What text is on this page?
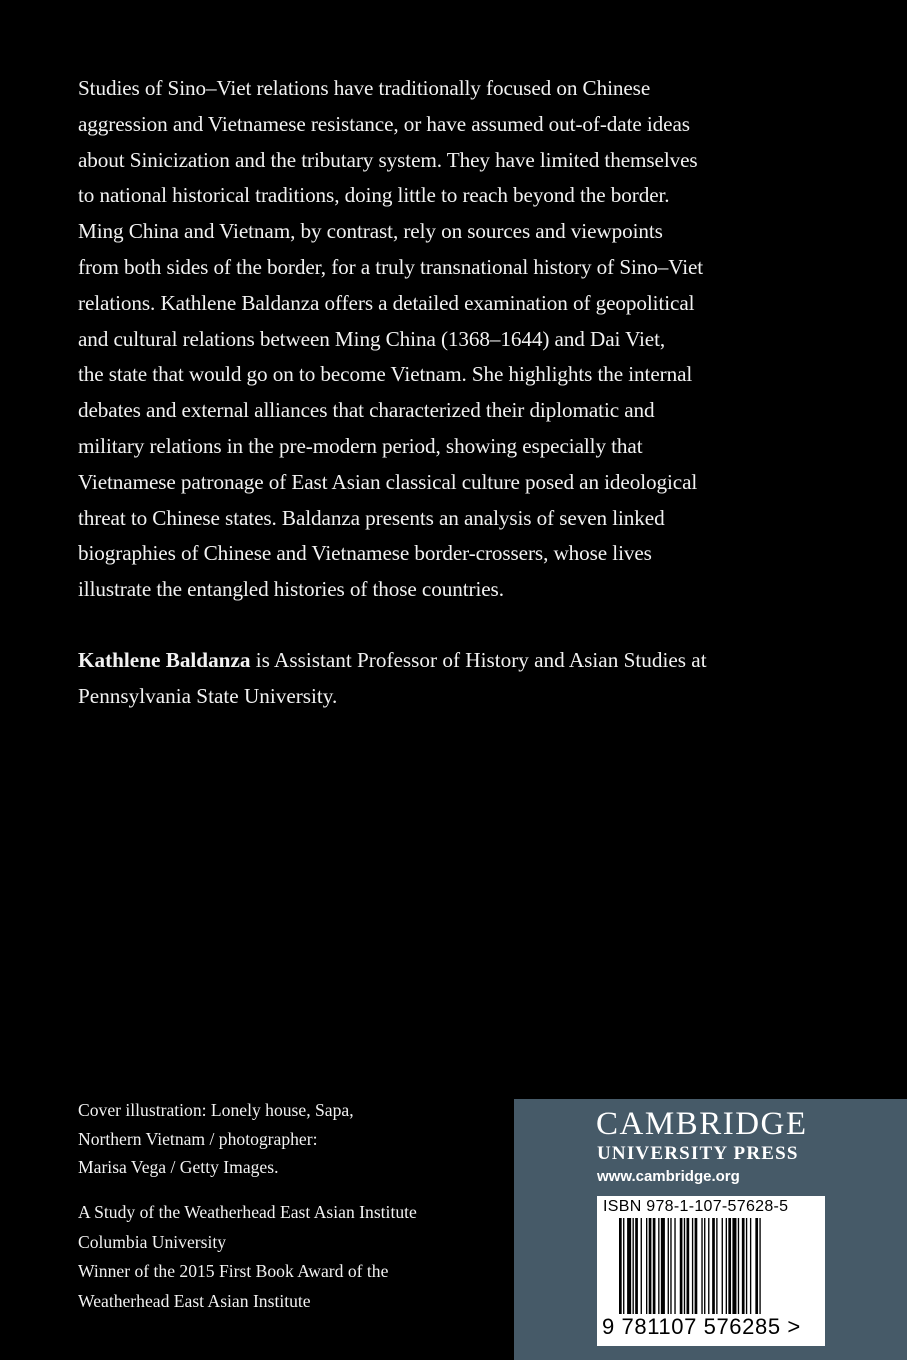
Studies of Sino–Viet relations have traditionally focused on Chinese
aggression and Vietnamese resistance, or have assumed out-of-date ideas
about Sinicization and the tributary system. They have limited themselves
to national historical traditions, doing little to reach beyond the border.
Ming China and Vietnam, by contrast, rely on sources and viewpoints
from both sides of the border, for a truly transnational history of Sino–Viet
relations. Kathlene Baldanza offers a detailed examination of geopolitical
and cultural relations between Ming China (1368–1644) and Dai Viet,
the state that would go on to become Vietnam. She highlights the internal
debates and external alliances that characterized their diplomatic and
military relations in the pre-modern period, showing especially that
Vietnamese patronage of East Asian classical culture posed an ideological
threat to Chinese states. Baldanza presents an analysis of seven linked
biographies of Chinese and Vietnamese border-crossers, whose lives
illustrate the entangled histories of those countries.
Kathlene Baldanza is Assistant Professor of History and Asian Studies at
Pennsylvania State University.
Cover illustration: Lonely house, Sapa,
Northern Vietnam / photographer:
Marisa Vega / Getty Images.
A Study of the Weatherhead East Asian Institute
Columbia University
Winner of the 2015 First Book Award of the
Weatherhead East Asian Institute
CAMBRIDGE
UNIVERSITY PRESS
www.cambridge.org
ISBN 978-1-107-57628-5
9 781107 576285 >
